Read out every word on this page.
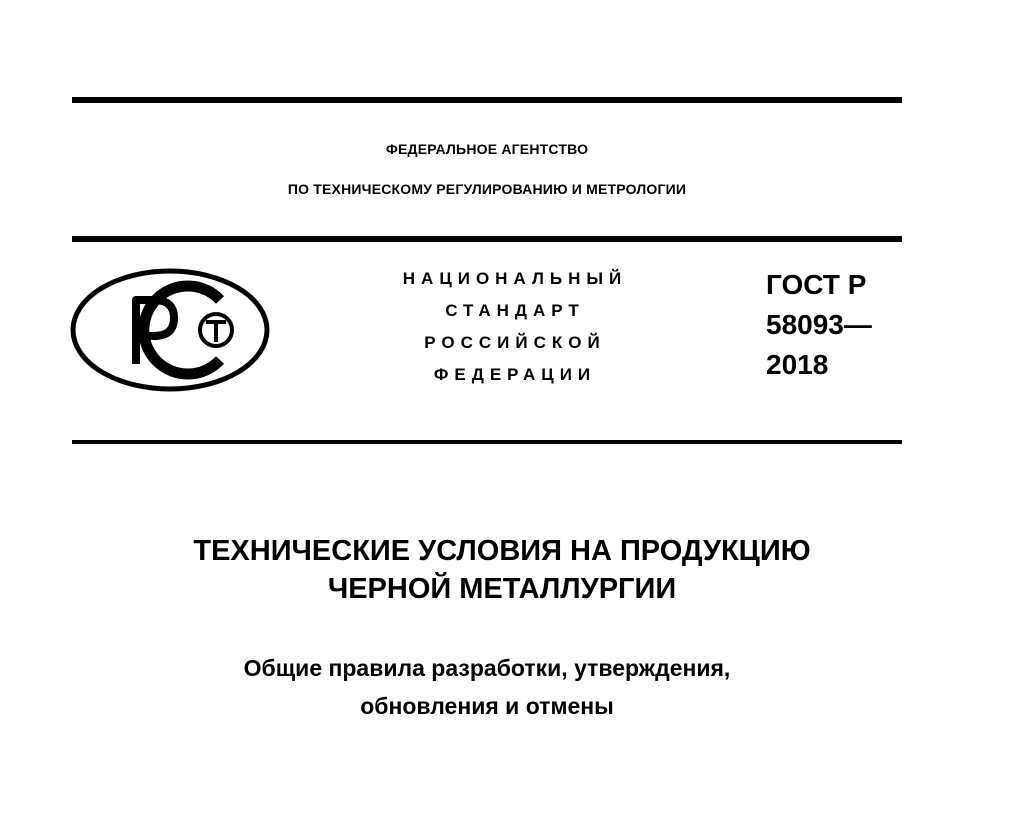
ФЕДЕРАЛЬНОЕ АГЕНТСТВО
ПО ТЕХНИЧЕСКОМУ РЕГУЛИРОВАНИЮ И МЕТРОЛОГИИ
НАЦИОНАЛЬНЫЙ
СТАНДАРТ
РОССИЙСКОЙ
ФЕДЕРАЦИИ
ГОСТ Р
58093—
2018
ТЕХНИЧЕСКИЕ УСЛОВИЯ НА ПРОДУКЦИЮ
ЧЕРНОЙ МЕТАЛЛУРГИИ
Общие правила разработки, утверждения,
обновления и отмены
